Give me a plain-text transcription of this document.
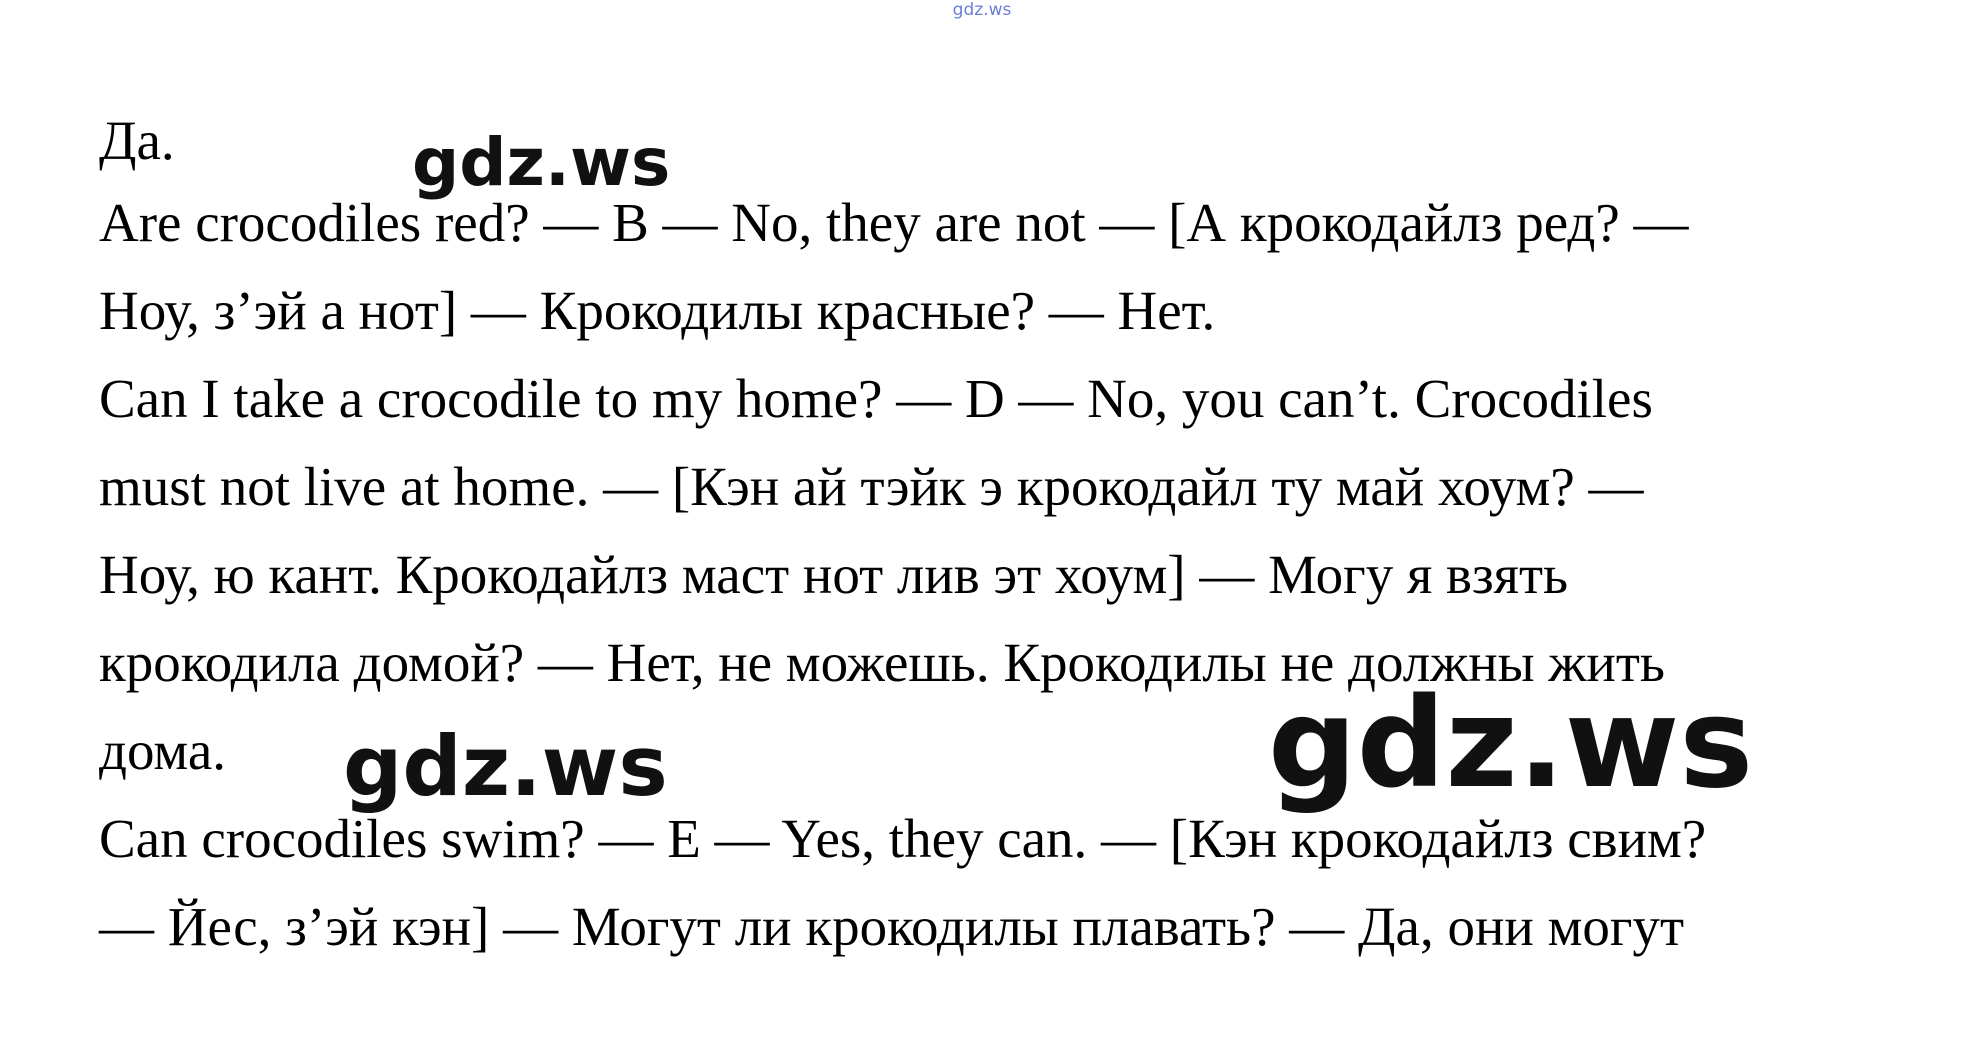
gdz.ws
Да.
Are crocodiles red? — B — No, they are not — [А крокодайлз ред? —
Ноу, з’эй а нот] — Крокодилы красные? — Нет.
Can I take a crocodile to my home? — D — No, you can’t. Crocodiles
must not live at home. — [Кэн ай тэйк э крокодайл ту май хоум? —
Ноу, ю кант. Крокодайлз маст нот лив эт хоум] — Могу я взять
крокодила домой? — Нет, не можешь. Крокодилы не должны жить
дома.
Can crocodiles swim? — E — Yes, they can. — [Кэн крокодайлз свим?
— Йес, з’эй кэн] — Могут ли крокодилы плавать? — Да, они могут
gdz.ws
gdz.ws	gdz.ws
